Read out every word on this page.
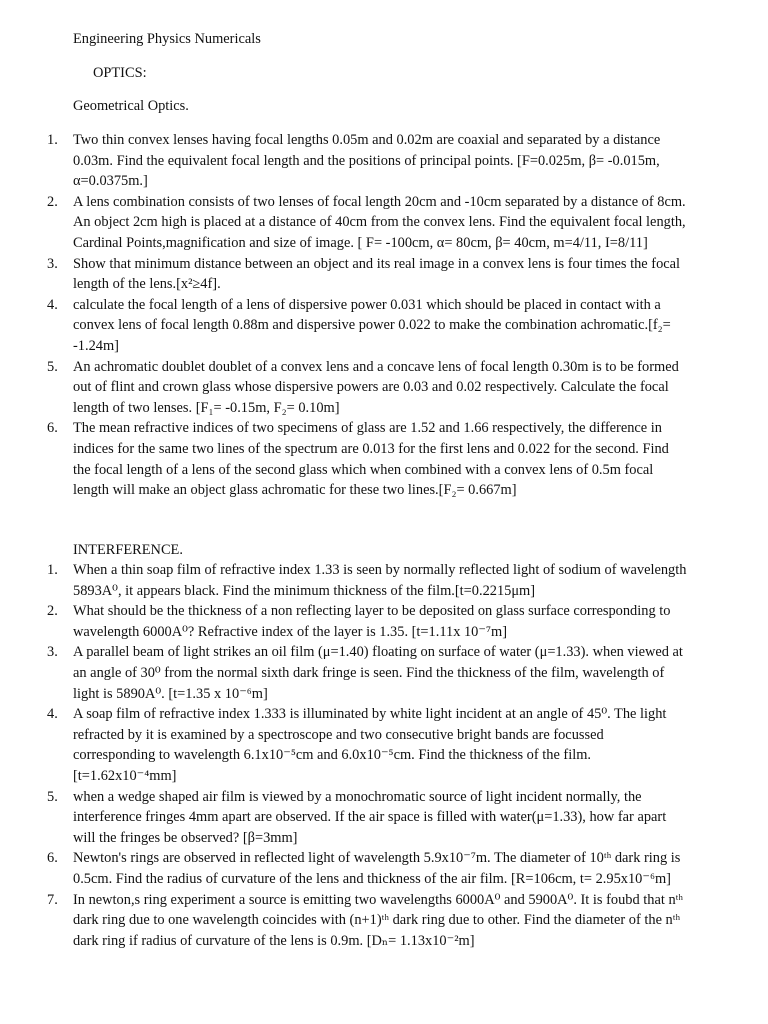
Engineering Physics Numericals

OPTICS:

Geometrical Optics.

1.	Two thin convex lenses having focal lengths 0.05m and 0.02m are coaxial and separated by a distance 0.03m. Find the equivalent focal length and the positions of principal points. [F=0.025m, β= -0.015m, α=0.0375m.]
2.	A lens combination consists of two lenses of focal length 20cm and -10cm separated by a distance of 8cm. An object 2cm high is placed at a distance of 40cm from the convex lens. Find the equivalent focal length, Cardinal Points,magnification and size of image. [ F= -100cm, α= 80cm, β= 40cm, m=4/11, I=8/11]
3.	Show that minimum distance between an object and its real image in a convex lens is four times the focal length of the lens.[x²≥4f].
4.	calculate the focal length of a lens of dispersive power 0.031 which should be placed in contact with a convex lens of focal length 0.88m and dispersive power 0.022 to make the combination achromatic.[f₂= -1.24m]
5.	An achromatic doublet doublet of a convex lens and a concave lens of focal length 0.30m is to be formed out of flint and crown glass whose dispersive powers are 0.03 and 0.02 respectively. Calculate the focal length of two lenses. [F₁= -0.15m, F₂= 0.10m]
6.	The mean refractive indices of two specimens of glass are 1.52 and 1.66 respectively, the difference in indices for the same two lines of the spectrum are 0.013 for the first lens and 0.022 for the second. Find the focal length of a lens of the second glass which when combined with a convex lens of 0.5m focal length will make an object glass achromatic for these two lines.[F₂= 0.667m]

INTERFERENCE.

1.	When a thin soap film of refractive index 1.33 is seen by normally reflected light of sodium of wavelength 5893A⁰, it appears black. Find the minimum thickness of the film.[t=0.2215μm]
2.	What should be the thickness of a non reflecting layer to be deposited on glass surface corresponding to wavelength 6000A⁰? Refractive index of the layer is 1.35. [t=1.11x 10⁻⁷m]
3.	A parallel beam of light strikes an oil film (μ=1.40) floating on surface of water (μ=1.33). when viewed at an angle of 30⁰ from the normal sixth dark fringe is seen. Find the thickness of the film, wavelength of light is 5890A⁰. [t=1.35 x 10⁻⁶m]
4.	A soap film of refractive index 1.333 is illuminated by white light incident at an angle of 45⁰. The light refracted by it is examined by a spectroscope and two consecutive bright bands are focussed corresponding to wavelength 6.1x10⁻⁵cm and 6.0x10⁻⁵cm. Find the thickness of the film. [t=1.62x10⁻⁴mm]
5.	when a wedge shaped air film is viewed by a monochromatic source of light incident normally, the interference fringes 4mm apart are observed. If the air space is filled with water(μ=1.33), how far apart will the fringes be observed? [β=3mm]
6.	Newton's rings are observed in reflected light of wavelength 5.9x10⁻⁷m. The diameter of 10ᵗʰ dark ring is 0.5cm. Find the radius of curvature of the lens and thickness of the air film. [R=106cm, t= 2.95x10⁻⁶m]
7.	In newton,s ring experiment a source is emitting two wavelengths 6000A⁰ and 5900A⁰. It is foubd that nᵗʰ dark ring due to one wavelength coincides with (n+1)ᵗʰ dark ring due to other. Find the diameter of the nᵗʰ dark ring if radius of curvature of the lens is 0.9m. [Dₙ= 1.13x10⁻²m]
